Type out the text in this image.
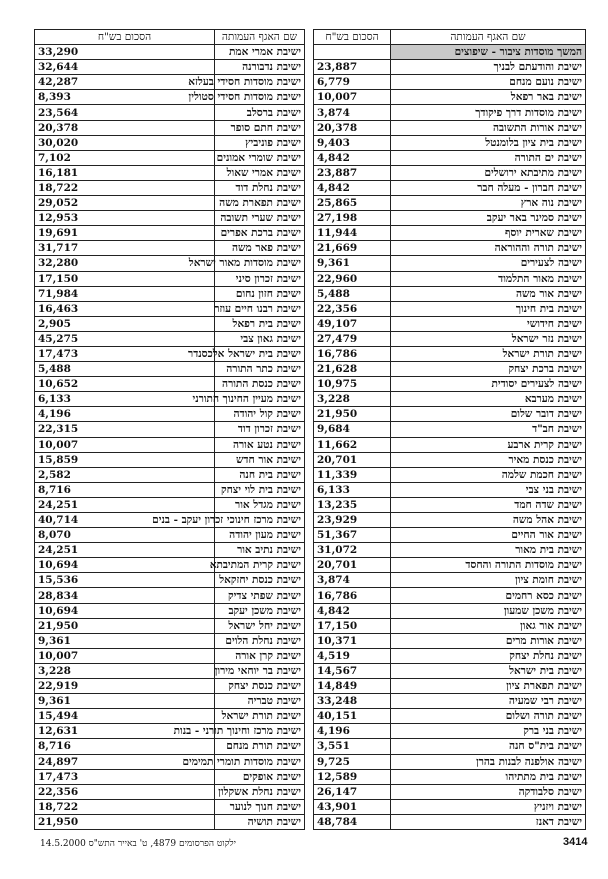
שם האגף העמותה	הסכום בש"ח
המשך מוסדות ציבור - שיפוצים	
ישיבת והודעתם לבניך	23,887
ישיבת נועם מנחם	6,779
ישיבת באר רפאל	10,007
ישיבת מוסדות דרך פיקודך	3,874
ישיבת אורות התשובה	20,378
ישיבת בית ציון בלומנטל	9,403
ישיבת ים התורה	4,842
ישיבת מתיבתא ירושלים	23,887
ישיבת חברון - מעלה חבר	4,842
ישיבת נוה ארץ	25,865
ישיבת סמינר באר יעקב	27,198
ישיבת שארית יוסף	11,944
ישיבת תורה וההוראה	21,669
ישיבה לצעירים	9,361
ישיבת מאור התלמוד	22,960
ישיבת אור משה	5,488
ישיבת בית חינוך	22,356
ישיבת חידושי	49,107
ישיבת נזר ישראל	27,479
ישיבת תורת ישראל	16,786
ישיבת ברכת יצחק	21,628
ישיבה לצעירים יסודית	10,975
ישיבת מערבא	3,228
ישיבת דובר שלום	21,950
ישיבת חב"ד	9,684
ישיבת קרית ארבע	11,662
ישיבת כנסת מאיר	20,701
ישיבת חכמת שלמה	11,339
ישיבת בני צבי	6,133
ישיבת שדה חמד	13,235
ישיבת אהל משה	23,929
ישיבת אור החיים	51,367
ישיבת בית מאור	31,072
ישיבת מוסדות התורה והחסד	20,701
ישיבת חומת ציון	3,874
ישיבת כסא רחמים	16,786
ישיבת משכן שמעון	4,842
ישיבת אור גאון	17,150
ישיבת אורות מרים	10,371
ישיבת נחלת יצחק	4,519
ישיבת בית ישראל	14,567
ישיבת תפארת ציון	14,849
ישיבת רבי שמעיה	33,248
ישיבת תורה ושלום	40,151
ישיבת בני ברק	4,196
ישיבת בית"ס חנה	3,551
ישיבה אולפנה לבנות בהרן	9,725
ישיבת בית מתתיהו	12,589
ישיבת סלבודקה	26,147
ישיבת ויזניץ	43,901
ישיבת דאנז	48,784
שם האגף העמותה	הסכום בש"ח
ישיבת אמרי אמת	33,290
ישיבת נדבורנה	32,644
ישיבת מוסדות חסידי בעלזא	42,287
ישיבת מוסדות חסידי סטולין	8,393
ישיבת ברסלב	23,564
ישיבת חתם סופר	20,378
ישיבת פוניביץ	30,020
ישיבת שומרי אמונים	7,102
ישיבת אמרי שאול	16,181
ישיבת נחלת דוד	18,722
ישיבת תפארת משה	29,052
ישיבת שערי תשובה	12,953
ישיבת ברכת אפרים	19,691
ישיבת פאר משה	31,717
ישיבת מוסדות מאור ישראל	32,280
ישיבת זכרון סיני	17,150
ישיבת חזון נחום	71,984
ישיבת רבנו חיים עוזר	16,463
ישיבת בית רפאל	2,905
ישיבת גאון צבי	45,275
ישיבת בית ישראל אלכסנדר	17,473
ישיבת כתר התורה	5,488
ישיבת כנסת התורה	10,652
ישיבת מעיין החינוך התורני	6,133
ישיבת קול יהודה	4,196
ישיבת זכרון דוד	22,315
ישיבת נטע אורה	10,007
ישיבת אור חדש	15,859
ישיבת בית חנה	2,582
ישיבת בית לוי יצחק	8,716
ישיבת מגדל אור	24,251
ישיבת מרכז חינוכי זכרון יעקב - בנים	40,714
ישיבת מעון יהודה	8,070
ישיבת נתיב אור	24,251
ישיבת קרית המתיבתא	10,694
ישיבת כנסת יחזקאל	15,536
ישיבת שפתי צדיק	28,834
ישיבת משכן יעקב	10,694
ישיבת יחל ישראל	21,950
ישיבת נחלת הלוים	9,361
ישיבת קרן אורה	10,007
ישיבת בר יוחאי מירון	3,228
ישיבת כנסת יצחק	22,919
ישיבת טבריה	9,361
ישיבת תורת ישראל	15,494
ישיבת מרכז וחינוך תורני - בנות	12,631
ישיבת תורת מנחם	8,716
ישיבת מוסדות תומרי תמימים	24,897
ישיבת אופקים	17,473
ישיבת נחלת אשקלון	22,356
ישיבת חנוך לנוער	18,722
ישיבת תושיה	21,950
ילקוט הפרסומים 4879, ט' באייר התש"ס 14.5.2000	3414
